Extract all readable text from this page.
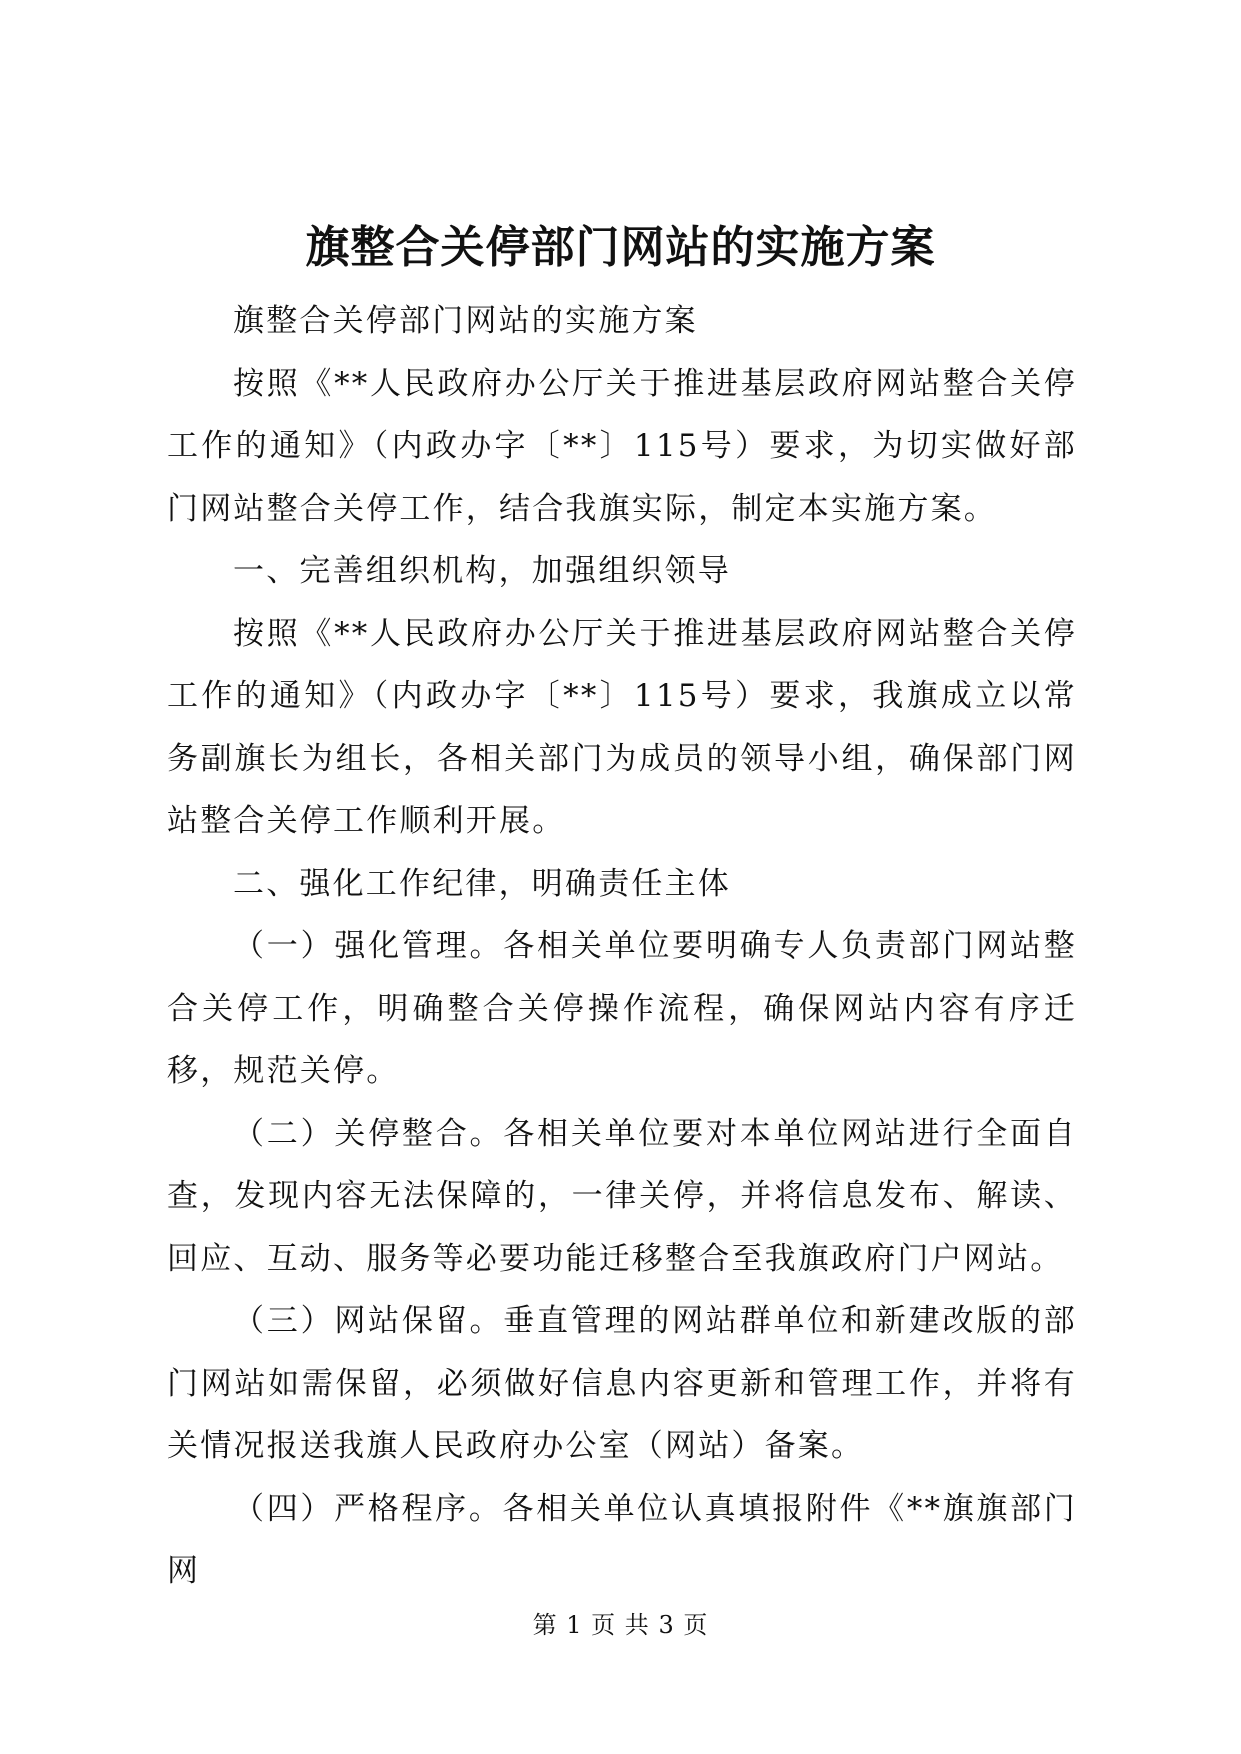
旗整合关停部门网站的实施方案

旗整合关停部门网站的实施方案

按照《**人民政府办公厅关于推进基层政府网站整合关停工作的通知》（内政办字〔**〕115号）要求，为切实做好部门网站整合关停工作，结合我旗实际，制定本实施方案。

一、完善组织机构，加强组织领导

按照《**人民政府办公厅关于推进基层政府网站整合关停工作的通知》（内政办字〔**〕115号）要求，我旗成立以常务副旗长为组长，各相关部门为成员的领导小组，确保部门网站整合关停工作顺利开展。

二、强化工作纪律，明确责任主体

（一）强化管理。各相关单位要明确专人负责部门网站整合关停工作，明确整合关停操作流程，确保网站内容有序迁移，规范关停。

（二）关停整合。各相关单位要对本单位网站进行全面自查，发现内容无法保障的，一律关停，并将信息发布、解读、回应、互动、服务等必要功能迁移整合至我旗政府门户网站。

（三）网站保留。垂直管理的网站群单位和新建改版的部门网站如需保留，必须做好信息内容更新和管理工作，并将有关情况报送我旗人民政府办公室（网站）备案。

（四）严格程序。各相关单位认真填报附件《**旗旗部门网

第 1 页 共 3 页
